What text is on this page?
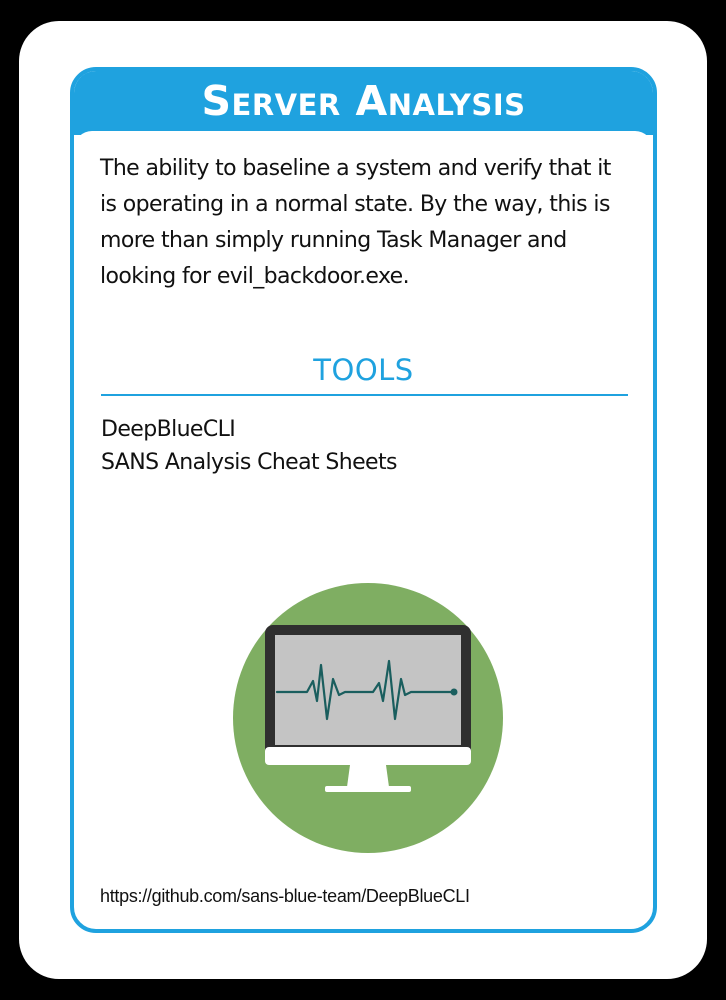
Server Analysis

The ability to baseline a system and verify that it is operating in a normal state. By the way, this is more than simply running Task Manager and looking for evil_backdoor.exe.

TOOLS
DeepBlueCLI
SANS Analysis Cheat Sheets
https://github.com/sans-blue-team/DeepBlueCLI
